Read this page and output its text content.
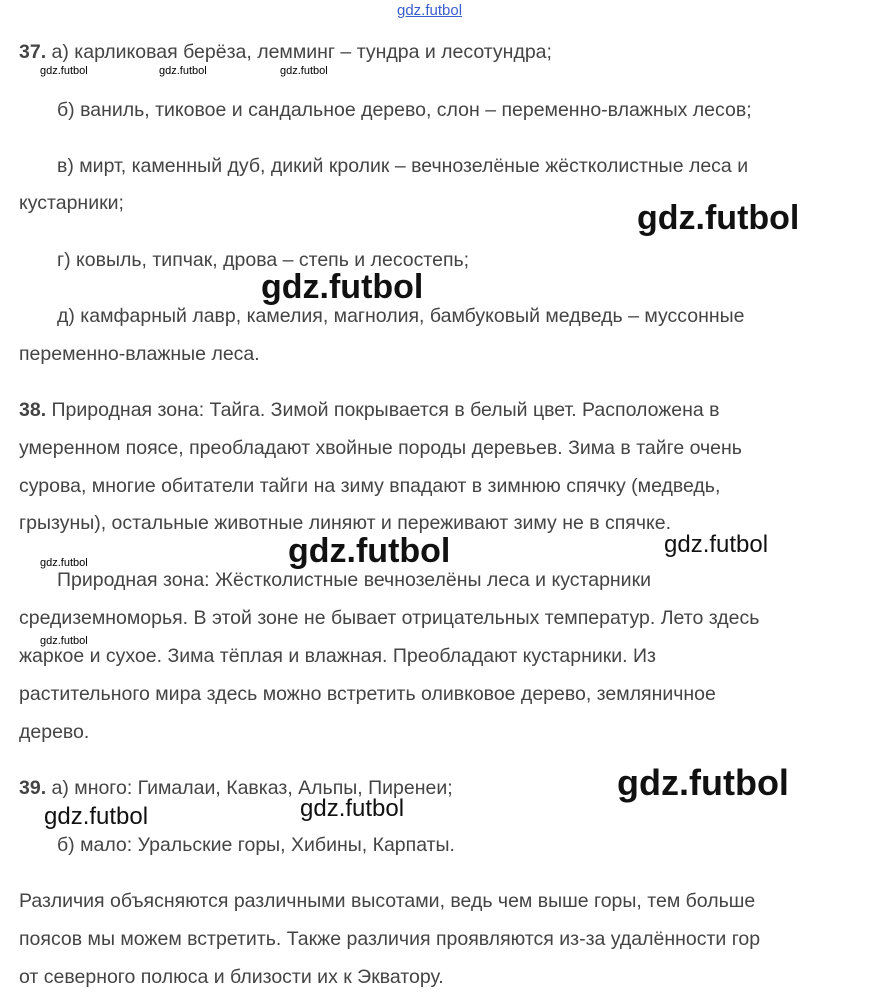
37. а) карликовая берёза, лемминг – тундра и лесотундра;
б) ваниль, тиковое и сандальное дерево, слон – переменно-влажных лесов;
в) мирт, каменный дуб, дикий кролик – вечнозелёные жёстколистные леса и
кустарники;
г) ковыль, типчак, дрова – степь и лесостепь;
д) камфарный лавр, камелия, магнолия, бамбуковый медведь – муссонные
переменно-влажные леса.
38. Природная зона: Тайга. Зимой покрывается в белый цвет. Расположена в
умеренном поясе, преобладают хвойные породы деревьев. Зима в тайге очень
сурова, многие обитатели тайги на зиму впадают в зимнюю спячку (медведь,
грызуны), остальные животные линяют и переживают зиму не в спячке.
Природная зона: Жёстколистные вечнозелёны леса и кустарники
средиземноморья. В этой зоне не бывает отрицательных температур. Лето здесь
жаркое и сухое. Зима тёплая и влажная. Преобладают кустарники. Из
растительного мира здесь можно встретить оливковое дерево, земляничное
дерево.
39. а) много: Гималаи, Кавказ, Альпы, Пиренеи;
б) мало: Уральские горы, Хибины, Карпаты.
Различия объясняются различными высотами, ведь чем выше горы, тем больше
поясов мы можем встретить. Также различия проявляются из-за удалённости гор
от северного полюса и близости их к Экватору.
gdz.futbol
gdz.futbol	gdz.futbol	gdz.futbol
gdz.futbol
gdz.futbol
gdz.futbol	gdz.futbol
gdz.futbol
gdz.futbol
gdz.futbol
gdz.futbol	gdz.futbol
